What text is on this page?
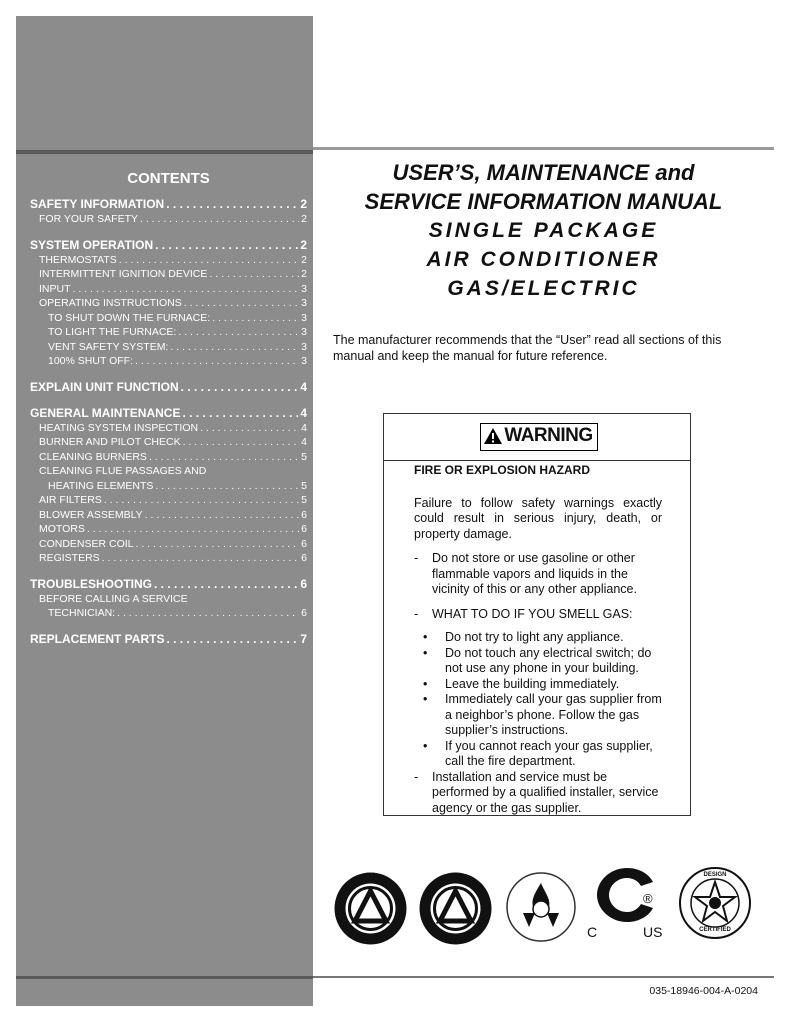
CONTENTS
SAFETY INFORMATION . . .	2
FOR YOUR SAFETY . . .	2
SYSTEM OPERATION . . .	2
THERMOSTATS . . .	2
INTERMITTENT IGNITION DEVICE . . .	2
INPUT . . .	3
OPERATING INSTRUCTIONS . . .	3
TO SHUT DOWN THE FURNACE: . . .	3
TO LIGHT THE FURNACE: . . .	3
VENT SAFETY SYSTEM: . . .	3
100% SHUT OFF: . . .	3
EXPLAIN UNIT FUNCTION . . .	4
GENERAL MAINTENANCE . . .	4
HEATING SYSTEM INSPECTION . . .	4
BURNER AND PILOT CHECK . . .	4
CLEANING BURNERS . . .	5
CLEANING FLUE PASSAGES AND
HEATING ELEMENTS . . .	5
AIR FILTERS . . .	5
BLOWER ASSEMBLY . . .	6
MOTORS . . .	6
CONDENSER COIL . . .	6
REGISTERS . . .	6
TROUBLESHOOTING . . .	6
BEFORE CALLING A SERVICE
TECHNICIAN: . . .	6
REPLACEMENT PARTS . . .	7
USER’S, MAINTENANCE and
SERVICE INFORMATION MANUAL
SINGLE PACKAGE
AIR CONDITIONER
GAS/ELECTRIC
The manufacturer recommends that the “User” read all sections of this manual and keep the manual for future reference.
WARNING
FIRE OR EXPLOSION HAZARD
Failure to follow safety warnings exactly could result in serious injury, death, or property damage.
-	Do not store or use gasoline or other flammable vapors and liquids in the vicinity of this or any other appliance.
-	WHAT TO DO IF YOU SMELL GAS:
•	Do not try to light any appliance.
•	Do not touch any electrical switch; do not use any phone in your building.
•	Leave the building immediately.
•	Immediately call your gas supplier from a neighbor’s phone. Follow the gas supplier’s instructions.
•	If you cannot reach your gas supplier, call the fire department.
-	Installation and service must be performed by a qualified installer, service agency or the gas supplier.
SA
®
C	US
DESIGN
CERTIFIED
035-18946-004-A-0204
